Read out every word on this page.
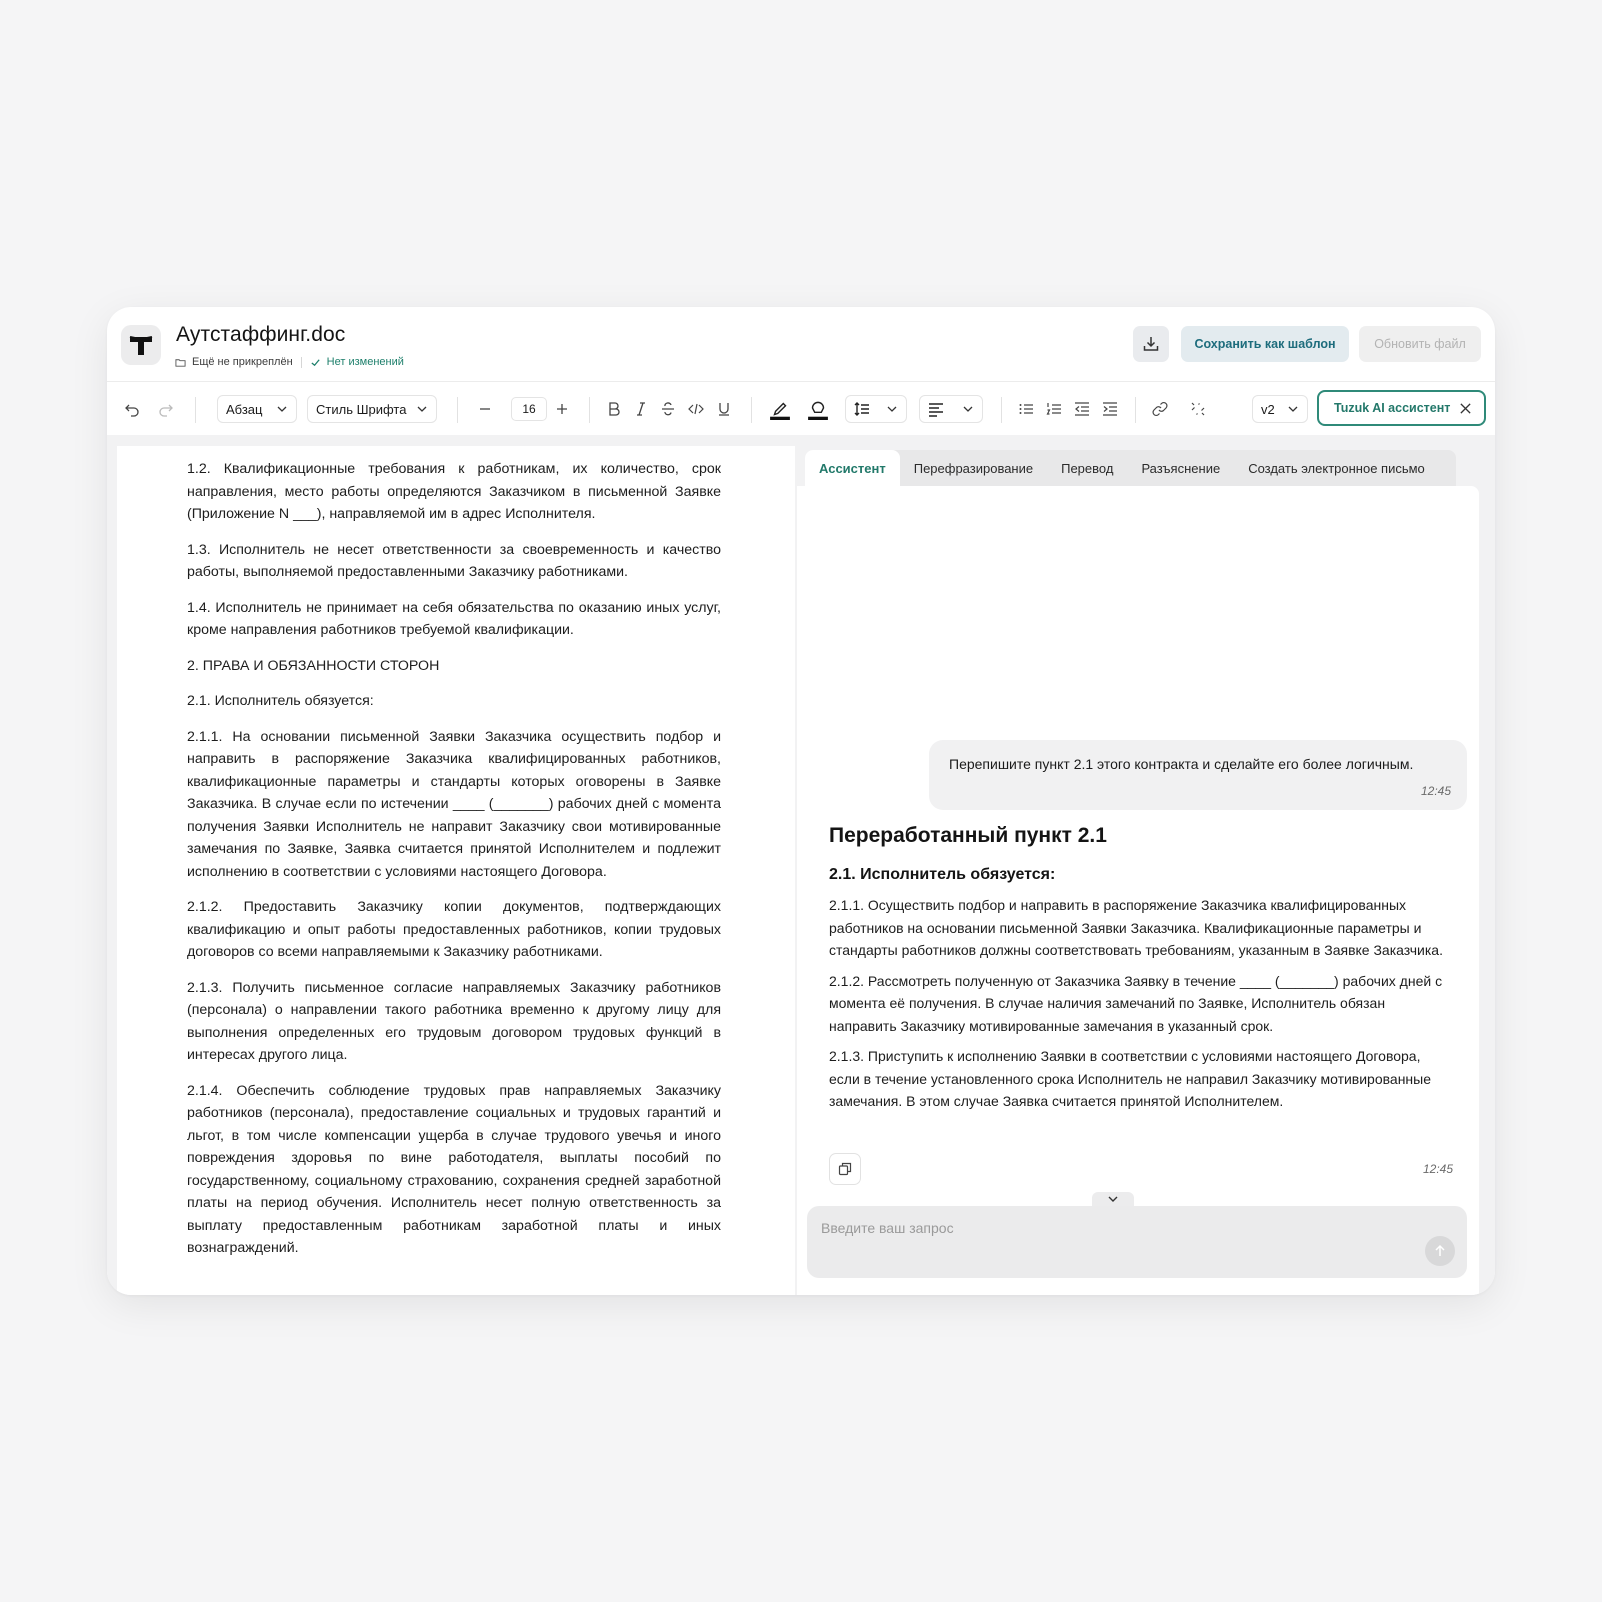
Аутстаффинг.doc
Ещё не прикреплён	Нет изменений
Сохранить как шаблон	Обновить файл
Абзац	Стиль Шрифта	16	v2	Tuzuk AI ассистент

1.2. Квалификационные требования к работникам, их количество, срок направления, место работы определяются Заказчиком в письменной Заявке (Приложение N ___), направляемой им в адрес Исполнителя.

1.3. Исполнитель не несет ответственности за своевременность и качество работы, выполняемой предоставленными Заказчику работниками.

1.4. Исполнитель не принимает на себя обязательства по оказанию иных услуг, кроме направления работников требуемой квалификации.

2. ПРАВА И ОБЯЗАННОСТИ СТОРОН

2.1. Исполнитель обязуется:

2.1.1. На основании письменной Заявки Заказчика осуществить подбор и направить в распоряжение Заказчика квалифицированных работников, квалификационные параметры и стандарты которых оговорены в Заявке Заказчика. В случае если по истечении ____ (_______) рабочих дней с момента получения Заявки Исполнитель не направит Заказчику свои мотивированные замечания по Заявке, Заявка считается принятой Исполнителем и подлежит исполнению в соответствии с условиями настоящего Договора.

2.1.2. Предоставить Заказчику копии документов, подтверждающих квалификацию и опыт работы предоставленных работников, копии трудовых договоров со всеми направляемыми к Заказчику работниками.

2.1.3. Получить письменное согласие направляемых Заказчику работников (персонала) о направлении такого работника временно к другому лицу для выполнения определенных его трудовым договором трудовых функций в интересах другого лица.

2.1.4. Обеспечить соблюдение трудовых прав направляемых Заказчику работников (персонала), предоставление социальных и трудовых гарантий и льгот, в том числе компенсации ущерба в случае трудового увечья и иного повреждения здоровья по вине работодателя, выплаты пособий по государственному, социальному страхованию, сохранения средней заработной платы на период обучения. Исполнитель несет полную ответственность за выплату предоставленным работникам заработной платы и иных вознаграждений.

Ассистент	Перефразирование	Перевод	Разъяснение	Создать электронное письмо
Перепишите пункт 2.1 этого контракта и сделайте его более логичным.
12:45
Переработанный пункт 2.1
2.1. Исполнитель обязуется:

2.1.1. Осуществить подбор и направить в распоряжение Заказчика квалифицированных работников на основании письменной Заявки Заказчика. Квалификационные параметры и стандарты работников должны соответствовать требованиям, указанным в Заявке Заказчика.

2.1.2. Рассмотреть полученную от Заказчика Заявку в течение ____ (_______) рабочих дней с момента её получения. В случае наличия замечаний по Заявке, Исполнитель обязан направить Заказчику мотивированные замечания в указанный срок.

2.1.3. Приступить к исполнению Заявки в соответствии с условиями настоящего Договора, если в течение установленного срока Исполнитель не направил Заказчику мотивированные замечания. В этом случае Заявка считается принятой Исполнителем.

12:45
Введите ваш запрос
